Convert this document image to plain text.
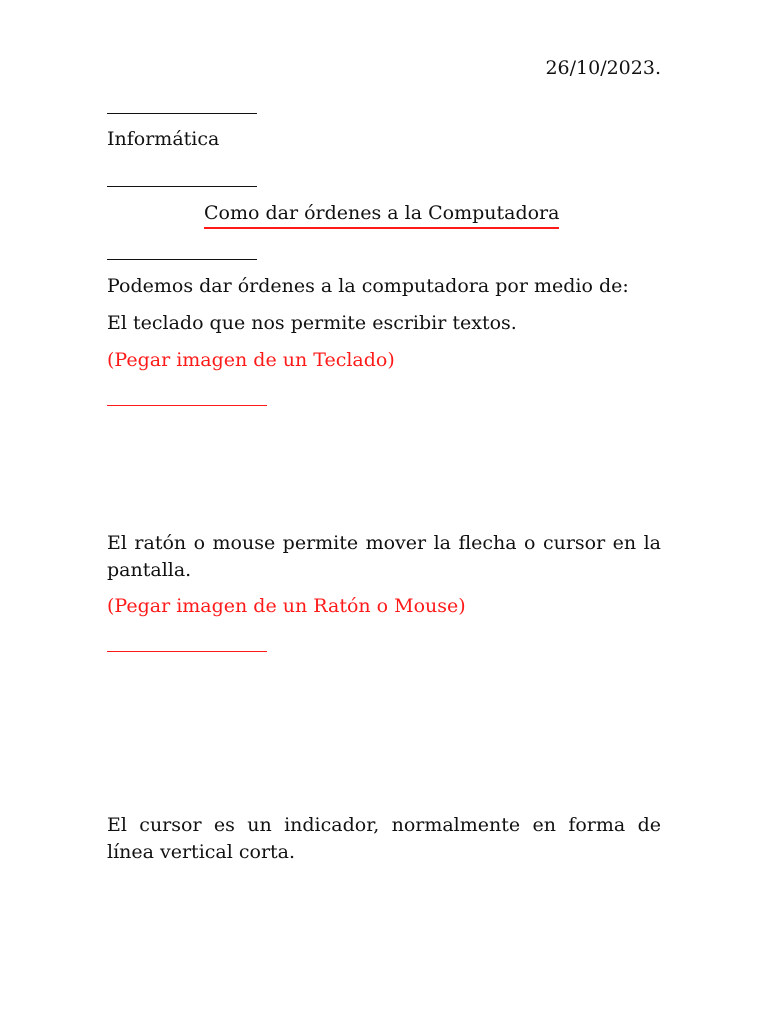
26/10/2023.
Informática
Como dar órdenes a la Computadora
Podemos dar órdenes a la computadora por medio de:
El teclado que nos permite escribir textos.
(Pegar imagen de un Teclado)
El ratón o mouse permite mover la flecha o cursor en la pantalla.
(Pegar imagen de un Ratón o Mouse)
El cursor es un indicador, normalmente en forma de línea vertical corta.
